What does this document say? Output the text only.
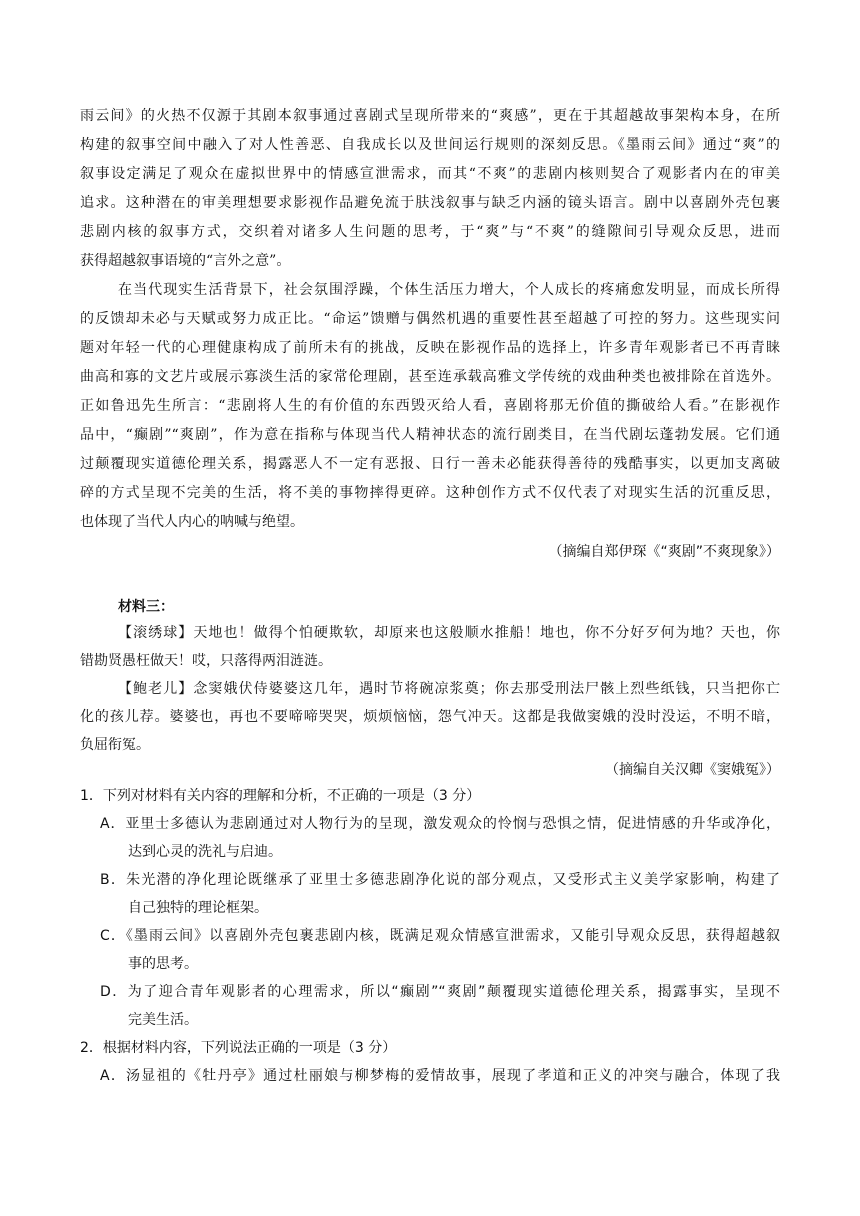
雨云间》的火热不仅源于其剧本叙事通过喜剧式呈现所带来的“爽感”，更在于其超越故事架构本身，在所
构建的叙事空间中融入了对人性善恶、自我成长以及世间运行规则的深刻反思。《墨雨云间》通过“爽”的
叙事设定满足了观众在虚拟世界中的情感宣泄需求，而其“不爽”的悲剧内核则契合了观影者内在的审美
追求。这种潜在的审美理想要求影视作品避免流于肤浅叙事与缺乏内涵的镜头语言。剧中以喜剧外壳包裹
悲剧内核的叙事方式，交织着对诸多人生问题的思考，于“爽”与“不爽”的缝隙间引导观众反思，进而
获得超越叙事语境的“言外之意”。
在当代现实生活背景下，社会氛围浮躁，个体生活压力增大，个人成长的疼痛愈发明显，而成长所得
的反馈却未必与天赋或努力成正比。“命运”馈赠与偶然机遇的重要性甚至超越了可控的努力。这些现实问
题对年轻一代的心理健康构成了前所未有的挑战，反映在影视作品的选择上，许多青年观影者已不再青睐
曲高和寡的文艺片或展示寡淡生活的家常伦理剧，甚至连承载高雅文学传统的戏曲种类也被排除在首选外。
正如鲁迅先生所言：“悲剧将人生的有价值的东西毁灭给人看，喜剧将那无价值的撕破给人看。”在影视作
品中，“癫剧”“爽剧”，作为意在指称与体现当代人精神状态的流行剧类目，在当代剧坛蓬勃发展。它们通
过颠覆现实道德伦理关系，揭露恶人不一定有恶报、日行一善未必能获得善待的残酷事实，以更加支离破
碎的方式呈现不完美的生活，将不美的事物摔得更碎。这种创作方式不仅代表了对现实生活的沉重反思，
也体现了当代人内心的呐喊与绝望。
（摘编自郑伊琛《“爽剧”不爽现象》）
材料三：
【滚绣球】天地也！做得个怕硬欺软，却原来也这般顺水推船！地也，你不分好歹何为地？天也，你
错勘贤愚枉做天！哎，只落得两泪涟涟。
【鲍老儿】念窦娥伏侍婆婆这几年，遇时节将碗凉浆奠；你去那受刑法尸骸上烈些纸钱，只当把你亡
化的孩儿荐。婆婆也，再也不要啼啼哭哭，烦烦恼恼，怨气冲天。这都是我做窦娥的没时没运，不明不暗，
负屈衔冤。
（摘编自关汉卿《窦娥冤》）
1．下列对材料有关内容的理解和分析，不正确的一项是（3 分）
A．亚里士多德认为悲剧通过对人物行为的呈现，激发观众的怜悯与恐惧之情，促进情感的升华或净化，
达到心灵的洗礼与启迪。
B．朱光潜的净化理论既继承了亚里士多德悲剧净化说的部分观点，又受形式主义美学家影响，构建了
自己独特的理论框架。
C．《墨雨云间》以喜剧外壳包裹悲剧内核，既满足观众情感宣泄需求，又能引导观众反思，获得超越叙
事的思考。
D．为了迎合青年观影者的心理需求，所以“癫剧”“爽剧”颠覆现实道德伦理关系，揭露事实，呈现不
完美生活。
2．根据材料内容，下列说法正确的一项是（3 分）
A．汤显祖的《牡丹亭》通过杜丽娘与柳梦梅的爱情故事，展现了孝道和正义的冲突与融合，体现了我
